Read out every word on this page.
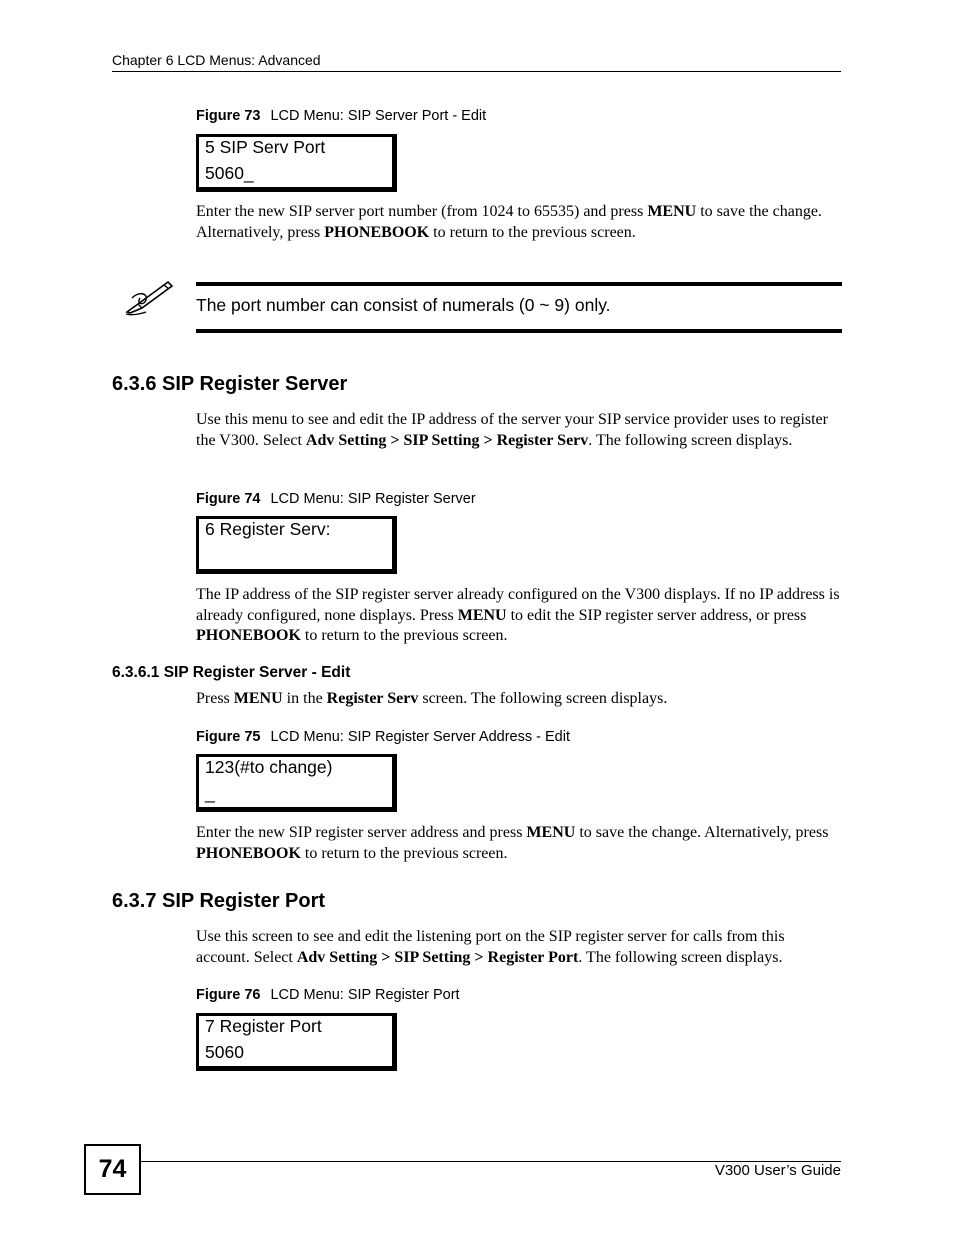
Chapter 6 LCD Menus: Advanced
Figure 73 LCD Menu: SIP Server Port - Edit
5 SIP Serv Port
5060_
Enter the new SIP server port number (from 1024 to 65535) and press MENU to save the change. Alternatively, press PHONEBOOK to return to the previous screen.
The port number can consist of numerals (0 ~ 9) only.
6.3.6 SIP Register Server
Use this menu to see and edit the IP address of the server your SIP service provider uses to register the V300. Select Adv Setting > SIP Setting > Register Serv. The following screen displays.
Figure 74 LCD Menu: SIP Register Server
6 Register Serv:
The IP address of the SIP register server already configured on the V300 displays. If no IP address is already configured, none displays. Press MENU to edit the SIP register server address, or press PHONEBOOK to return to the previous screen.
6.3.6.1 SIP Register Server - Edit
Press MENU in the Register Serv screen. The following screen displays.
Figure 75 LCD Menu: SIP Register Server Address - Edit
123(#to change)
_
Enter the new SIP register server address and press MENU to save the change. Alternatively, press PHONEBOOK to return to the previous screen.
6.3.7 SIP Register Port
Use this screen to see and edit the listening port on the SIP register server for calls from this account. Select Adv Setting > SIP Setting > Register Port. The following screen displays.
Figure 76 LCD Menu: SIP Register Port
7 Register Port
5060
74	V300 User’s Guide
